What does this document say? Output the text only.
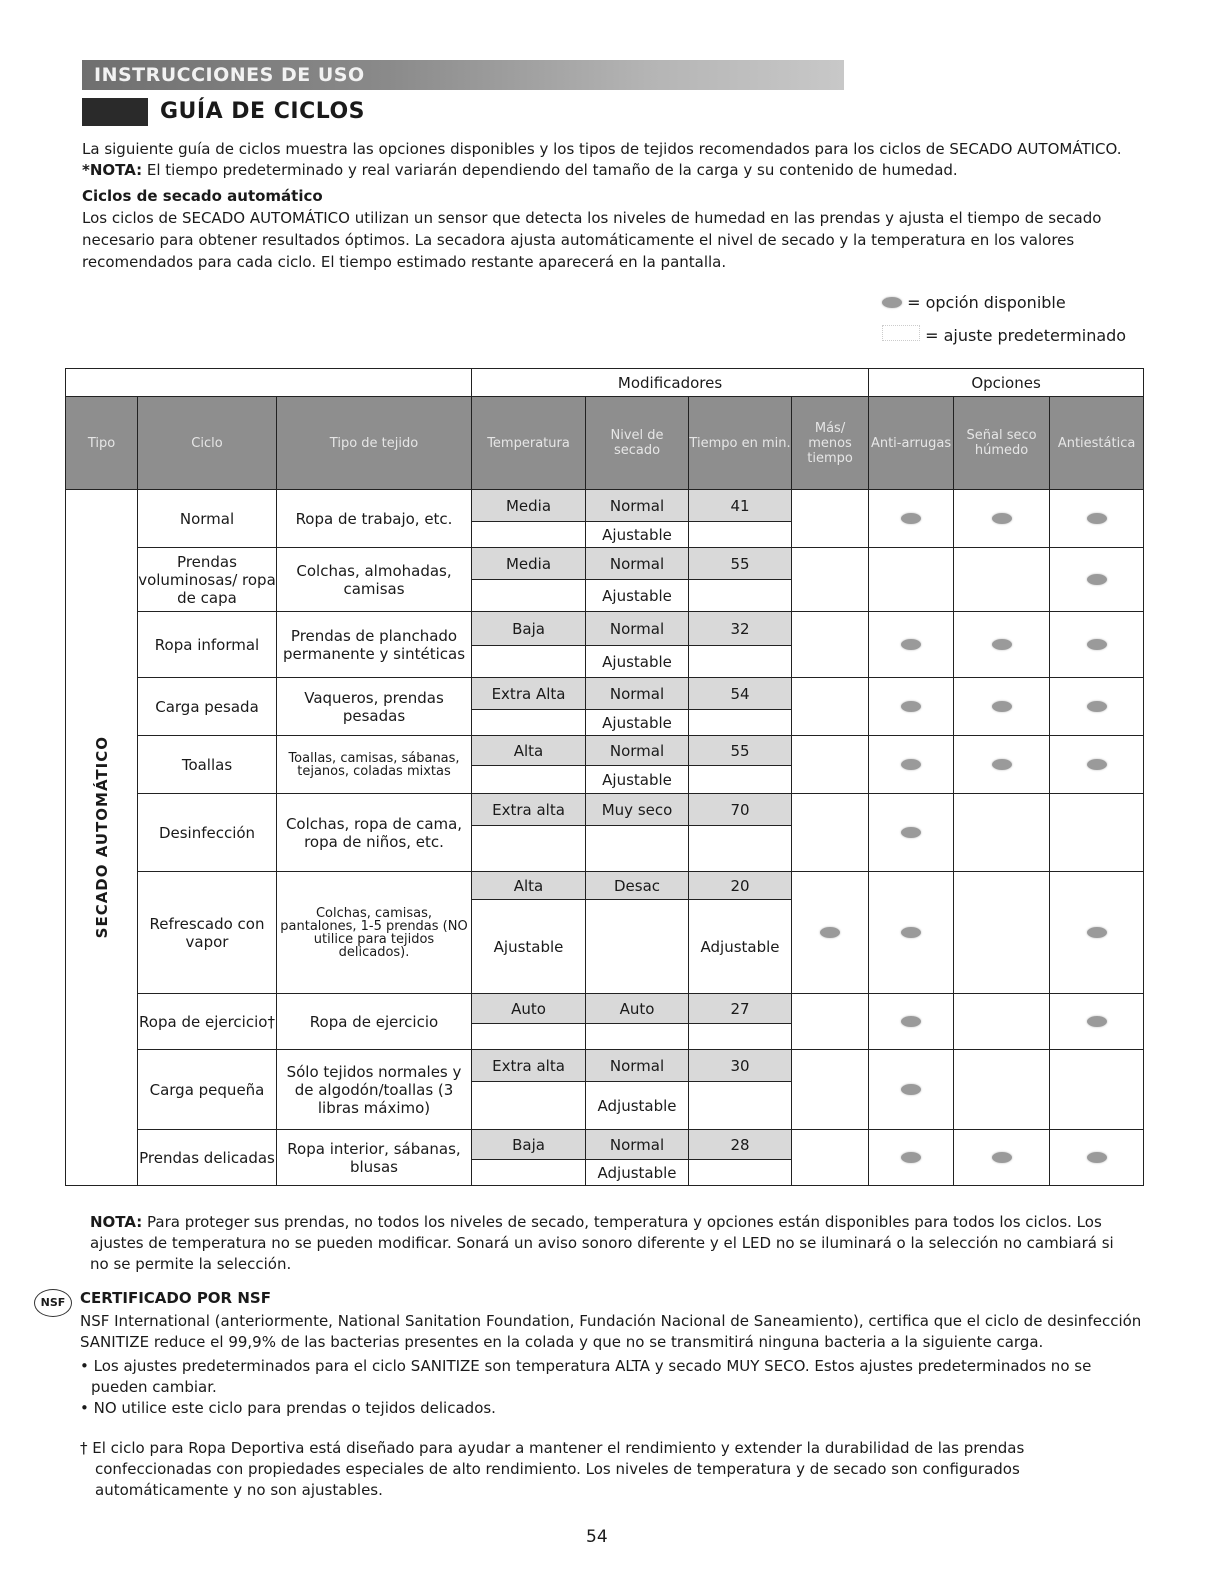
INSTRUCCIONES DE USO
GUÍA DE CICLOS
La siguiente guía de ciclos muestra las opciones disponibles y los tipos de tejidos recomendados para los ciclos de SECADO AUTOMÁTICO.
*NOTA: El tiempo predeterminado y real variarán dependiendo del tamaño de la carga y su contenido de humedad.
Ciclos de secado automático
Los ciclos de SECADO AUTOMÁTICO utilizan un sensor que detecta los niveles de humedad en las prendas y ajusta el tiempo de secado
necesario para obtener resultados óptimos. La secadora ajusta automáticamente el nivel de secado y la temperatura en los valores
recomendados para cada ciclo. El tiempo estimado restante aparecerá en la pantalla.
= opción disponible
= ajuste predeterminado
			Modificadores				Opciones		
Tipo	Ciclo	Tipo de tejido	Temperatura	Nivel de secado	Tiempo en min.	Más/ menos tiempo	Anti-arrugas	Señal seco húmedo	Antiestática

SECADO AUTOMÁTICO	Normal	Ropa de trabajo, etc.	Media	Normal	41				
				Ajustable					
	Prendas voluminosas/ ropa de capa	Colchas, almohadas, camisas	Media	Normal	55				
				Ajustable					
	Ropa informal	Prendas de planchado permanente y sintéticas	Baja	Normal	32				
				Ajustable					
	Carga pesada	Vaqueros, prendas pesadas	Extra Alta	Normal	54				
				Ajustable					
	Toallas	Toallas, camisas, sábanas, tejanos, coladas mixtas	Alta	Normal	55				
				Ajustable					
	Desinfección	Colchas, ropa de cama, ropa de niños, etc.	Extra alta	Muy seco	70				

	Refrescado con vapor	Colchas, camisas, pantalones, 1-5 prendas (NO utilice para tejidos delicados).	Alta	Desac	20				
			Ajustable		Adjustable				
	Ropa de ejercicio†	Ropa de ejercicio	Auto	Auto	27				

	Carga pequeña	Sólo tejidos normales y de algodón/toallas (3 libras máximo)	Extra alta	Normal	30				
				Adjustable					
	Prendas delicadas	Ropa interior, sábanas, blusas	Baja	Normal	28				
				Adjustable					
NOTA: Para proteger sus prendas, no todos los niveles de secado, temperatura y opciones están disponibles para todos los ciclos. Los
ajustes de temperatura no se pueden modificar. Sonará un aviso sonoro diferente y el LED no se iluminará o la selección no cambiará si
no se permite la selección.
NSF CERTIFICADO POR NSF
NSF International (anteriormente, National Sanitation Foundation, Fundación Nacional de Saneamiento), certifica que el ciclo de desinfección
SANITIZE reduce el 99,9% de las bacterias presentes en la colada y que no se transmitirá ninguna bacteria a la siguiente carga.
• Los ajustes predeterminados para el ciclo SANITIZE son temperatura ALTA y secado MUY SECO. Estos ajustes predeterminados no se
pueden cambiar.
• NO utilice este ciclo para prendas o tejidos delicados.
† El ciclo para Ropa Deportiva está diseñado para ayudar a mantener el rendimiento y extender la durabilidad de las prendas
confeccionadas con propiedades especiales de alto rendimiento. Los niveles de temperatura y de secado son configurados
automáticamente y no son ajustables.
54
